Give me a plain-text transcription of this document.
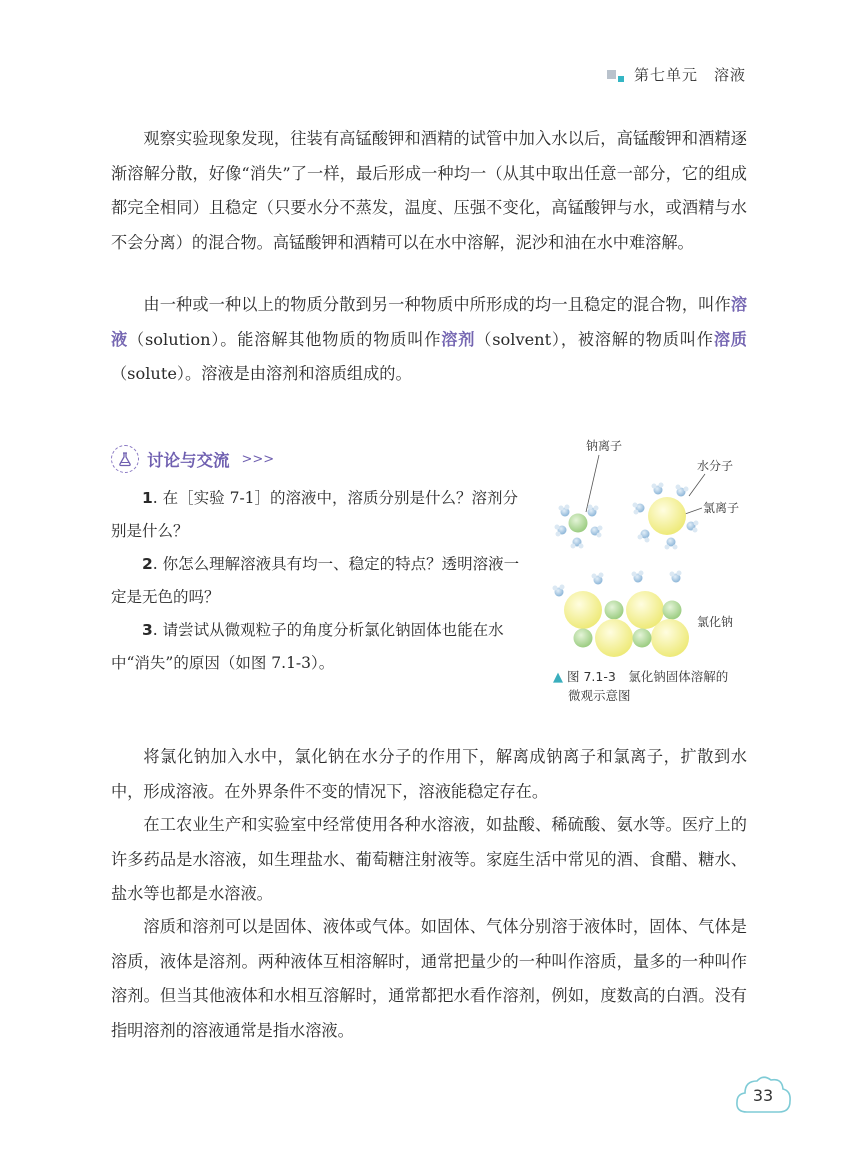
第七单元　溶液

观察实验现象发现，往装有高锰酸钾和酒精的试管中加入水以后，高锰酸钾和酒精逐渐溶解分散，好像“消失”了一样，最后形成一种均一（从其中取出任意一部分，它的组成都完全相同）且稳定（只要水分不蒸发，温度、压强不变化，高锰酸钾与水，或酒精与水不会分离）的混合物。高锰酸钾和酒精可以在水中溶解，泥沙和油在水中难溶解。

由一种或一种以上的物质分散到另一种物质中所形成的均一且稳定的混合物，叫作溶液（solution）。能溶解其他物质的物质叫作溶剂（solvent），被溶解的物质叫作溶质（solute）。溶液是由溶剂和溶质组成的。

讨论与交流 >>>

1. 在［实验 7-1］的溶液中，溶质分别是什么？溶剂分别是什么？

2. 你怎么理解溶液具有均一、稳定的特点？透明溶液一定是无色的吗？

3. 请尝试从微观粒子的角度分析氯化钠固体也能在水中“消失”的原因（如图 7.1-3）。

钠离子
水分子
氯离子
氯化钠
▲ 图 7.1-3　氯化钠固体溶解的
微观示意图

将氯化钠加入水中，氯化钠在水分子的作用下，解离成钠离子和氯离子，扩散到水中，形成溶液。在外界条件不变的情况下，溶液能稳定存在。

在工农业生产和实验室中经常使用各种水溶液，如盐酸、稀硫酸、氨水等。医疗上的许多药品是水溶液，如生理盐水、葡萄糖注射液等。家庭生活中常见的酒、食醋、糖水、盐水等也都是水溶液。

溶质和溶剂可以是固体、液体或气体。如固体、气体分别溶于液体时，固体、气体是溶质，液体是溶剂。两种液体互相溶解时，通常把量少的一种叫作溶质，量多的一种叫作溶剂。但当其他液体和水相互溶解时，通常都把水看作溶剂，例如，度数高的白酒。没有指明溶剂的溶液通常是指水溶液。

33
